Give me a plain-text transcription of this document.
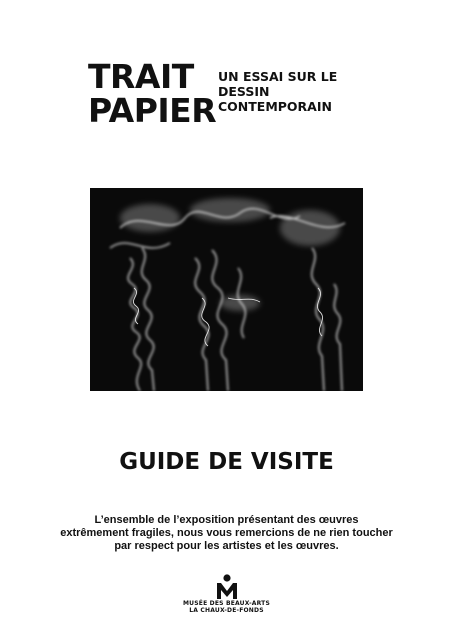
TRAIT
PAPIER
UN ESSAI SUR LE
DESSIN
CONTEMPORAIN
GUIDE DE VISITE
L’ensemble de l’exposition présentant des œuvres
extrêmement fragiles, nous vous remercions de ne rien toucher
par respect pour les artistes et les œuvres.
MUSÉE DES BEAUX-ARTS
LA CHAUX-DE-FONDS
